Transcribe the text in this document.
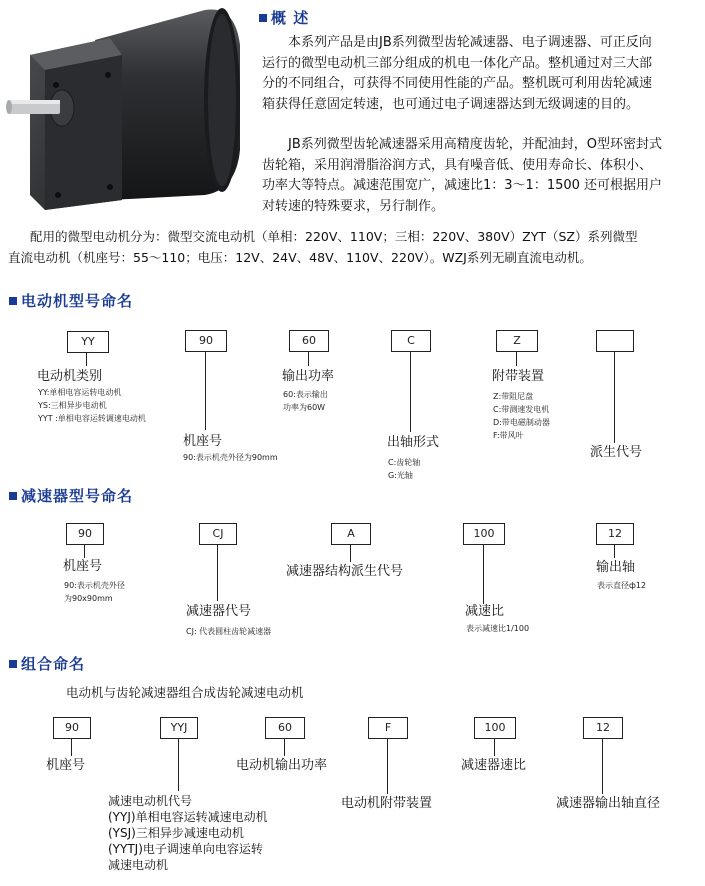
概 述
本系列产品是由JB系列微型齿轮减速器、电子调速器、可正反向
运行的微型电动机三部分组成的机电一体化产品。整机通过对三大部
分的不同组合，可获得不同使用性能的产品。整机既可利用齿轮减速
箱获得任意固定转速，也可通过电子调速器达到无级调速的目的。
JB系列微型齿轮减速器采用高精度齿轮，并配油封，O型环密封式
齿轮箱，采用润滑脂浴润方式，具有噪音低、使用寿命长、体积小、
功率大等特点。减速范围宽广，减速比1：3～1：1500 还可根据用户
对转速的特殊要求，另行制作。
配用的微型电动机分为：微型交流电动机（单相：220V、110V；三相：220V、380V）ZYT（SZ）系列微型
直流电动机（机座号：55～110；电压：12V、24V、48V、110V、220V）。WZJ系列无刷直流电动机。
电动机型号命名
YY	90	60	C	Z
电动机类别
YY:单相电容运转电动机
YS:三相异步电动机
YYT :单相电容运转调速电动机
机座号
90:表示机壳外径为90mm
输出功率
60:表示输出
功率为60W
出轴形式
C:齿轮轴
G:光轴
附带装置
Z:带阻尼盘
C:带测速发电机
D:带电磁制动器
F:带风叶
派生代号
减速器型号命名
90	CJ	A	100	12
机座号
90:表示机壳外径
为90x90mm
减速器代号
CJ: 代表圆柱齿轮减速器
减速器结构派生代号
减速比
表示减速比1/100
输出轴
表示直径ф12
组合命名
电动机与齿轮减速器组合成齿轮减速电动机
90	YYJ	60	F	100	12
机座号
减速电动机代号
(YYJ)单相电容运转减速电动机
(YSJ)三相异步减速电动机
(YYTJ)电子调速单向电容运转
减速电动机
电动机输出功率
电动机附带装置
减速器速比
减速器输出轴直径
